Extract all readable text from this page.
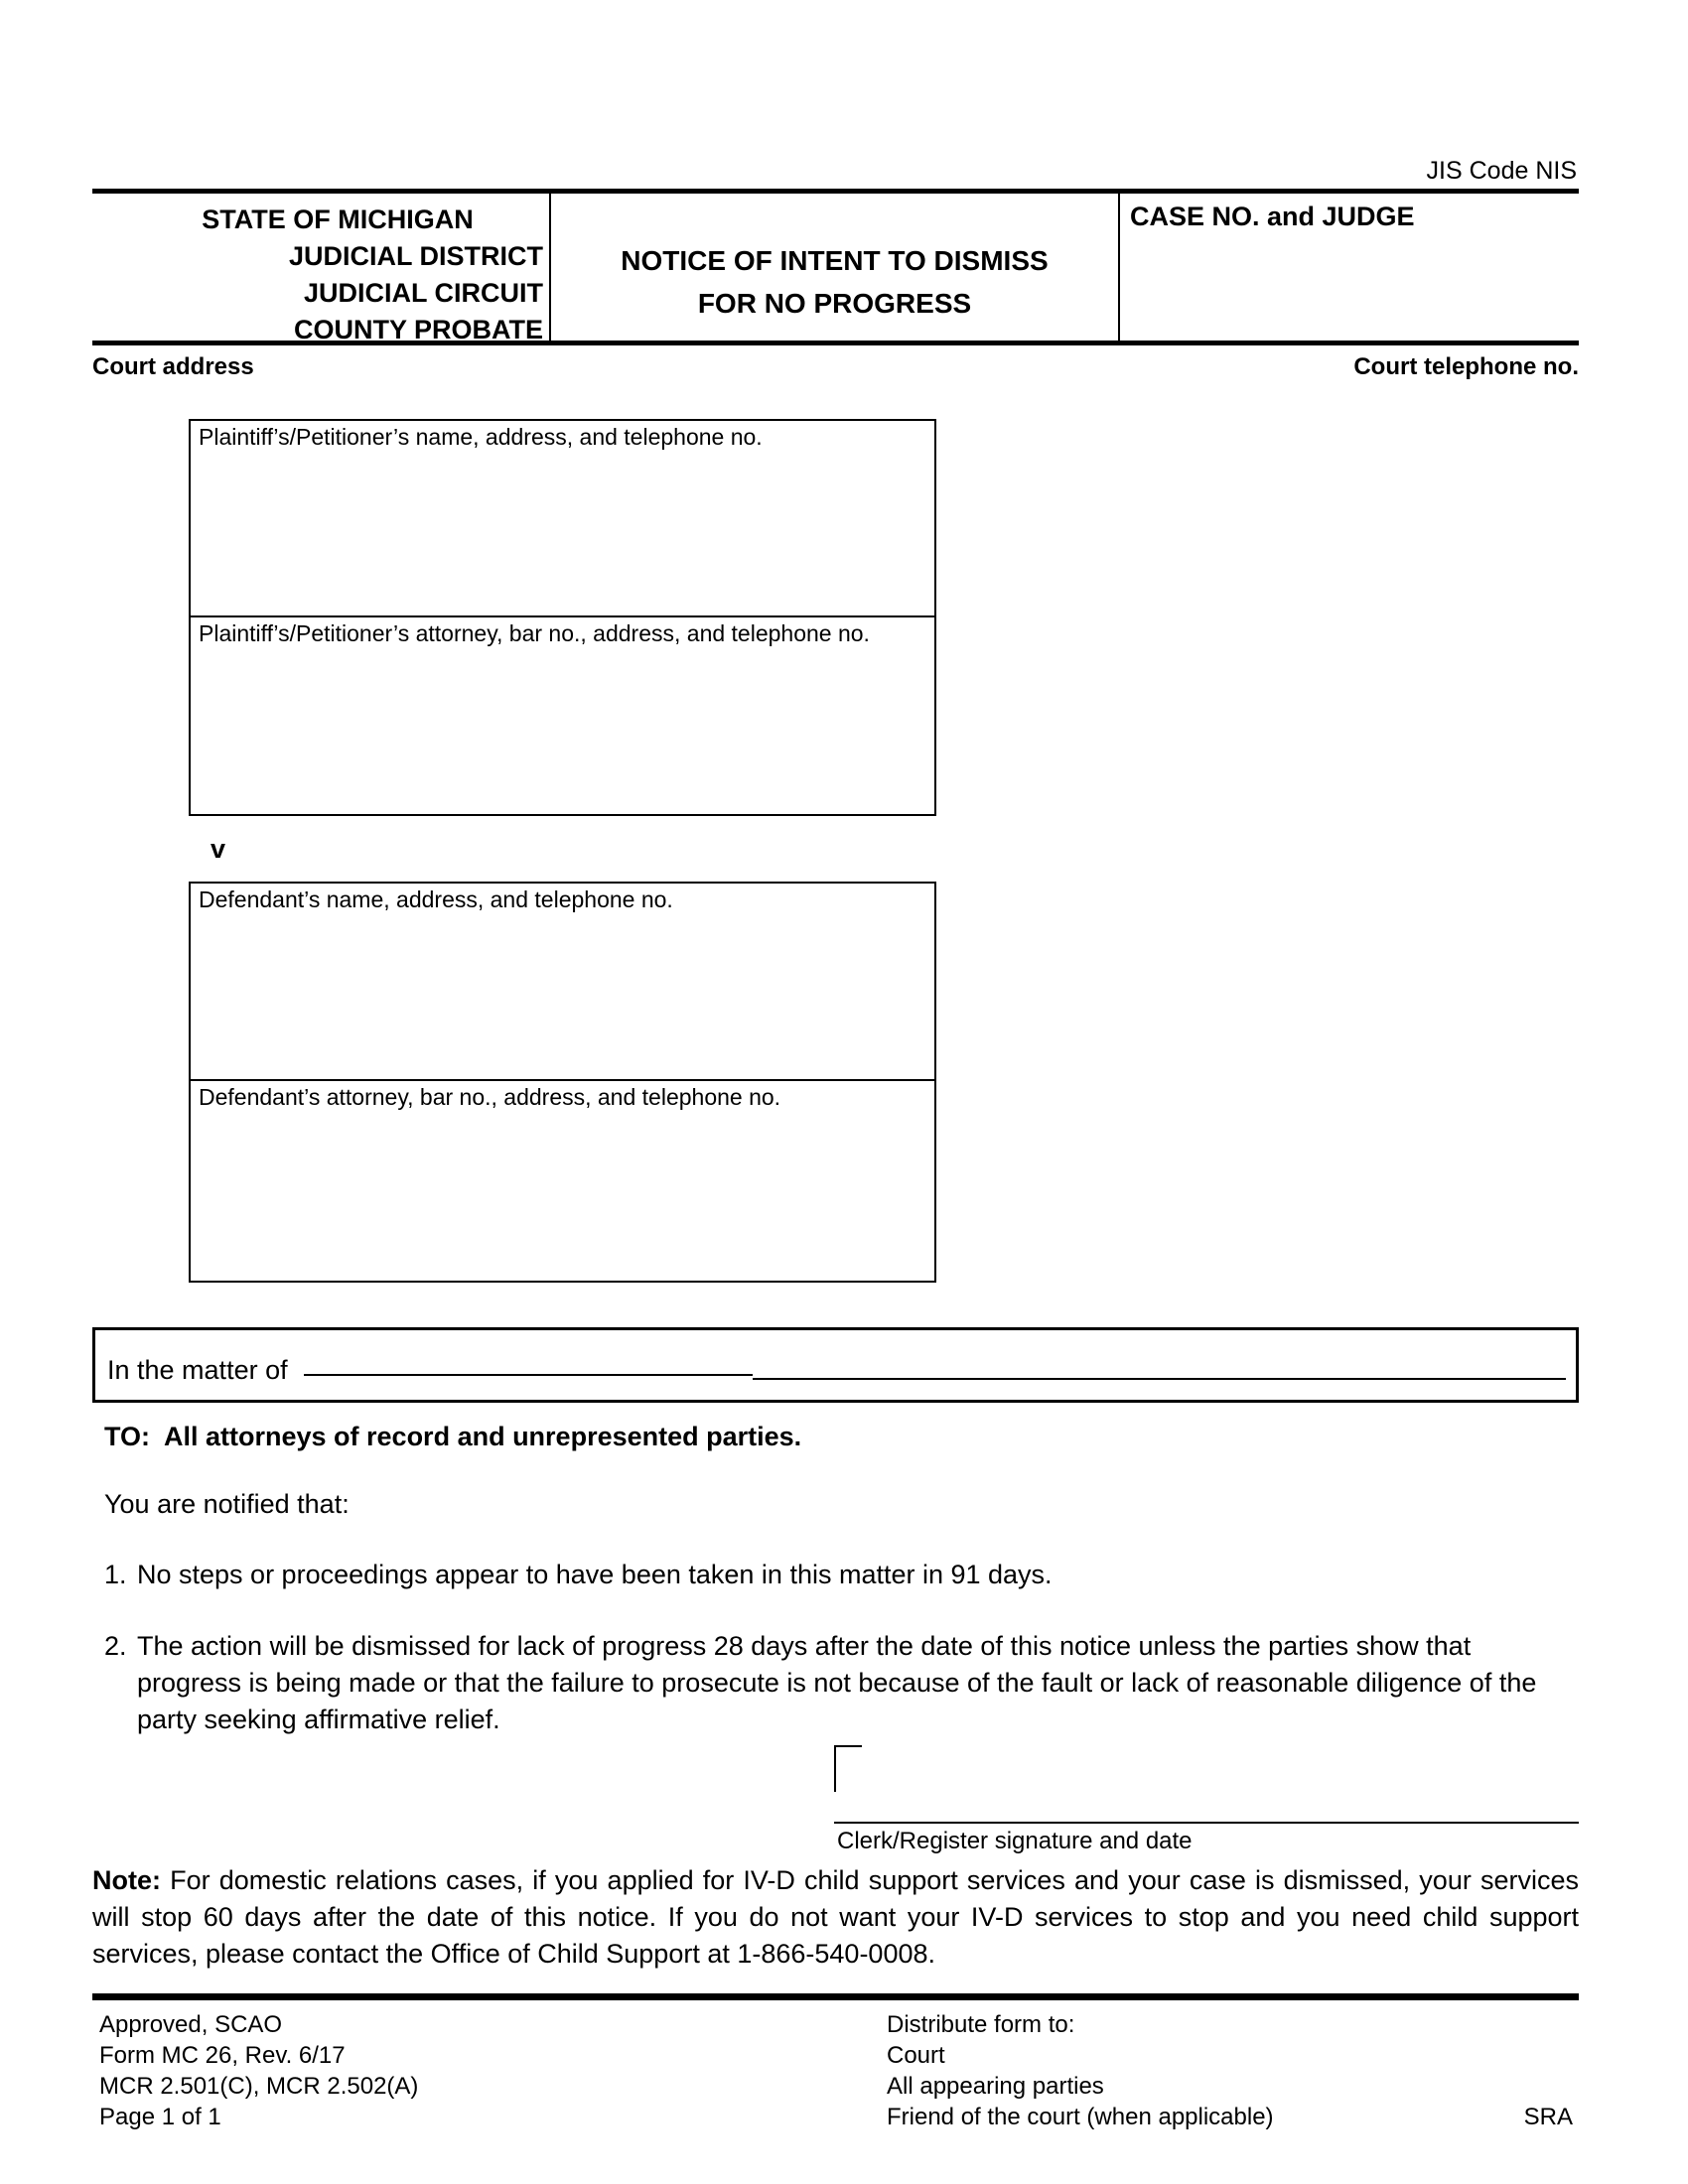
JIS Code NIS
STATE OF MICHIGAN
JUDICIAL DISTRICT
JUDICIAL CIRCUIT
COUNTY PROBATE
NOTICE OF INTENT TO DISMISS
FOR NO PROGRESS
CASE NO. and JUDGE
Court address	Court telephone no.
Plaintiff’s/Petitioner’s name, address, and telephone no.
Plaintiff’s/Petitioner’s attorney, bar no., address, and telephone no.
v
Defendant’s name, address, and telephone no.
Defendant’s attorney, bar no., address, and telephone no.
In the matter of
TO: All attorneys of record and unrepresented parties.
You are notified that:
1. No steps or proceedings appear to have been taken in this matter in 91 days.
2. The action will be dismissed for lack of progress 28 days after the date of this notice unless the parties show that progress is being made or that the failure to prosecute is not because of the fault or lack of reasonable diligence of the party seeking affirmative relief.
Clerk/Register signature and date
Note: For domestic relations cases, if you applied for IV-D child support services and your case is dismissed, your services will stop 60 days after the date of this notice. If you do not want your IV-D services to stop and you need child support services, please contact the Office of Child Support at 1-866-540-0008.
Approved, SCAO
Form MC 26, Rev. 6/17
MCR 2.501(C), MCR 2.502(A)
Page 1 of 1
Distribute form to:
Court
All appearing parties
Friend of the court (when applicable)	SRA
